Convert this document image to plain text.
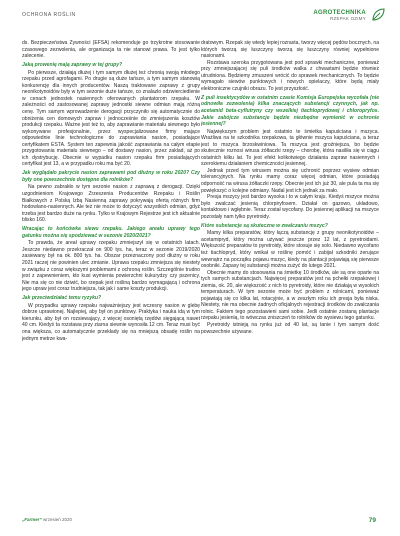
OCHRONA ROŚLIN	AGROTECHNIKA
RZEPAK OZIMY

ds. Bezpieczeństwa Żywności (EFSA) rekomenduje go trzykrotne stosowanie czasowego zezwolenia, ale organizacja ta nie stanowi prawa. To jest tylko zalecenie.

Jaką prowenię mają zaprawy w tej grupy?

Po pierwsze, działają dłużej i tym samym dłużej też chronią swoją młodego rzepaku przed agrofagami. Po drugie są duże tańsze, a tym samym stanowią konkurencję dla innych producentów. Naszą traktowane zaprawy z grupy neonikotynoidów były w tym sezonie duże tańsze, co znalazło odzwierciedlenie w cenach jednostek nasiennych oferowanych plantatorom rzepaku. W zależności od zastosowanej zaprawy jednostki siewne odmian mają różną cenę. Tym samym wprowadzenie derogacji przyczyniło się automatycznie do obniżenia cen domowych zapraw i jednocześnie do zmniejszenia kosztów produkcji rzepaku. Ważne jest też to, aby zaprawianie materiału siewnego było wykonywane profesjonalnie, przez wyspecjalizowane firmy mające odpowiednie linie technologiczne do zaprawiania nasion, posiadające certyfikatem ESTA. System ten zapewnia jakość zaprawiania na całym etapie przygotowania materiału siewnego – od dostawy nasion, przez zaklad, aż po ich dystrybucję. Obecnie w wypadku nasion rzepaku firm posiadających certyfikat jest 13, a w przypadku roku ma być 20.

Jak wyglądało pakrycie nasion zaprawami pod dłużny w roku 2020? Czy były one powszechnie dostępne dla rolników?

Na pewno zabrakło w tym sezonie nasion z zaprawą z derogacji. Dzięki uzgodnieniom Krajowego Zrzeszenia Producentów Rzepaku i Roślin Białkowych z Polską Izbą Nasienną zaprawy pokrywają ofertą różnych firm hodowlano-nasiennych. Ale też nie może to dotyczyć wszystkich odmian, gdyż trzeba jest bardzo duże na rynku. Tylko w Krajowym Rejestrze jest ich aktualnie blisko 160.

Wracając to końcówka siewu rzepaku. Jakiego areału uprawy tego gatunku można się spodziewać w sezonie 2020/2021?

To prawda, że areał uprawy rzepaku zmniejszył się w ostatnich latach. Jeszcze niedawno przekraczał on 900 tys. ha, teraz w sezonie 2019/2020 zasiewany był na ok. 800 tys. ha. Obszar przeznaczony pod dłużny w roku 2021 raczej nie powinien ulec zmianie. Uprawa rzepaku zmniejsza się niestety w związku z coraz większymi problemami z ochroną roślin. Szczególnie trudno jest z zapewnieniem, kto kusi wymienia powierzchni kukurydzy czy pszenicy. Nie ma się co nie dziwić, bo rzepak jest rośliną bardzo wymagającą i ochrona jego upraw jest coraz trudniejsza, tak jak i same koszty produkcji.

Jak przeciwdziałać temu ryzyku?

W przypadku uprawy rzepaku najważniejszy jest wczesny nasion w glebę dobrze uprawionej. Najlepiej, aby był on punktowy. Praktyka i nauka idą w tym kierunku, aby był on rozsiewający, z więcej osoniętą rzędów sięgającą nawet 40 cm. Kiedyś ta rozstawa przy ziarna siewnie wynosiła 12 cm. Teraz musi być ona większa, co automatycznie przekłady się na mniejszą obsadę roślin na jednym metrze kwa-

dratowym. Rzepak się wtedy lepiej rozrasta, tworzy więcej pędów bocznych, na których tworzą się łuszczyny tworzą się łuszczyny równiej wypełnione nasionami.

Rozstawa szeroka przygotowana jest pod sprawki mechaniczne, ponieważ przy zmniejszającej się puli środków walka z chwastami będzie również utrudniona. Będziemy zmuszeni wrócić do sprawek mechanicznych. To będzie wymagało siewów punktowych i nowych opielaczy, które będą miały elektroniczne czujniki obrazu. To jest przyszłość.

Z puli insektycydów w ostatnim czasie Komisja Europejska wycofała (nie odnowiła zezwolenia) kilka znaczących substancji czynnych, jak np. acetamid beta-cyflutryny czy wszelkiej tiachloprydowej i chloropryfos. Jakie zabójcze substancje będzie niezbędne wymienić w ochronie jesiennej?

Największym problem jest ostatnio te śmietka kapuściana i mszyca. Wrażliwa na te szkodnika rzepakowa, ta głównie mszyca kapuściana, a teraz jest to mszyca brzoskwiniowa. Ta mszyca jest groźniejsza, bo będzie skutecznie roznosi wirusa żółtaczki rzepy – chorobę, która nasiliła się w ciągu ostatnich kilku lat. To jest efekt kolikotwiego działania zapraw nasiennych i szerokiemu działaniem chemiczności jesiennej.

Jednak przed tym wirusem można się uchronić poprzez wysiew odmian tolerancyjnych. Na rynku mamy coraz więcej odmian, które posiadają odporność na wirusa żółtaczki rzepy. Obecnie jest ich już 30, ale pula ta ma się powiększyć o kolejne odmiany. Nadal jest ich jednak za mało.

Presja mszycy jest bardzo wysoka i to w całym kraju. Kiedyś mszyce można było zwalczać jesienią chlorpiryfosem. Działał on gazowo, układowo, kontaktowo i wgłębnie. Teraz został wycofany. Do jesiennej aplikacji na mszyce pozostały nam tylko pyretroidy.

Które substancje są skuteczne w zwalczaniu mszyc?

Mamy kilka preparatów, który łączą substancję z grupy neonikotynoidów – acetamipryd, który można używać jeszcze przez 12 lat, z pyretroidami. Większość preparatów to pyretroidy, które stosuje się solo. Niedawno wycofano też tiachlopryd, który wnikał w roślinę pomóć i zabijał szkodniki żerujące wewnątrz na początku pojawu mszyc, kiedy na plantacji pojawiają się pierwsze osobniki. Zapasy tej substancji można zużyć do lutego 2021.

Obecnie mamy do stosowania na śmietkę 10 środków, ale są one oparte na tych samych substancjach. Najwięcej preparatów jest na pchełki rzepakowej i ziemia, ok. 20, ale większość z nich to pyretroidy, które nie działają w wysokich temperaturach. W tym sezonie może być problem z rolnicami, ponieważ pojawiają się co kilka lat, rotacyjnie, a w zeszłym roku ich presja była niska. Niestety, nie ma obecnie żadnych oficjalnych rejestracji środków do zwalczania rolnic. Faktem tego pozostawieni sami sobie. Jedli ostatnie zostaną plantacje rzepaku jesienią, to wówczas zniszczeń to rolników do wysiewu tego gatunku.

Pyretroidy istnieją na rynku już od 40 lat, są tanie i tym samym dość powszechnie używane.

„Farmer” wrzesień 2020	79
